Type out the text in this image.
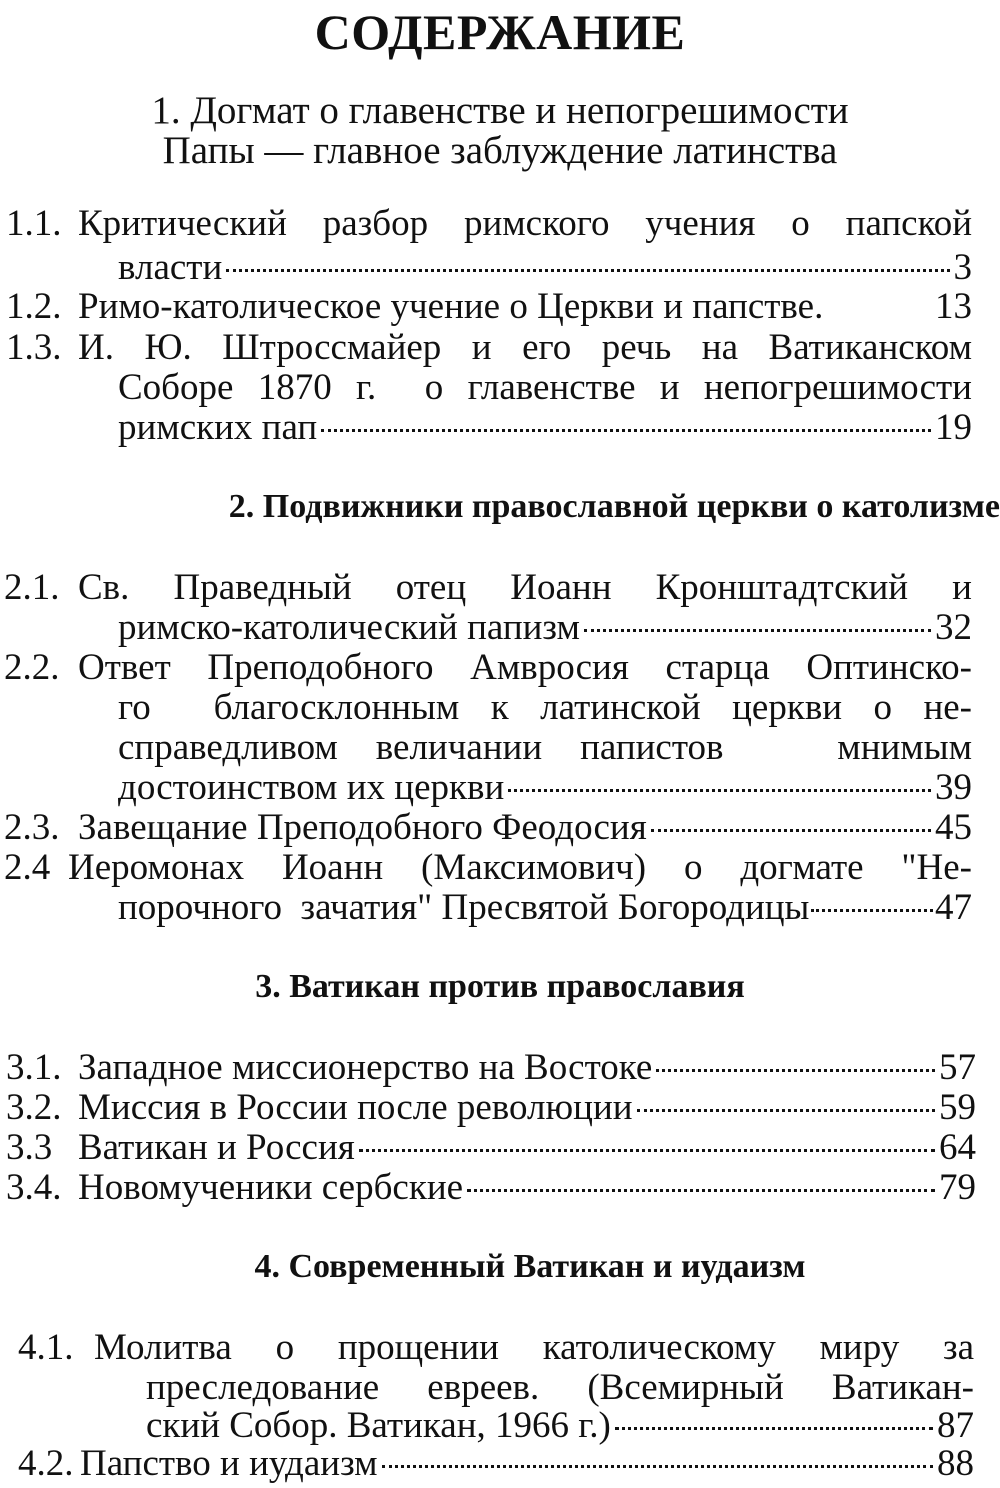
СОДЕРЖАНИЕ
1. Догмат о главенстве и непогрешимости
Папы — главное заблуждение латинства
1.1. Критический разбор римского учения о папской
власти	3
1.2. Римо-католическое учение о Церкви и папстве.	13
1.3. И. Ю. Штроссмайер и его речь на Ватиканском
Соборе 1870 г.  о главенстве и непогрешимости
римских пап	19
2. Подвижники православной церкви о католизме
2.1. Св. Праведный отец Иоанн Кронштадтский и
римско-католический папизм	32
2.2. Ответ Преподобного Амвросия старца Оптинско-
го  благосклонным к латинской церкви о не-
справедливом величании папистов   мнимым
достоинством их церкви	39
2.3. Завещание Преподобного Феодосия	45
2.4 Иеромонах Иоанн (Максимович) о догмате "Не-
порочного  зачатия" Пресвятой Богородицы	47
3. Ватикан против православия
3.1. Западное миссионерство на Востоке	57
3.2. Миссия в России после революции	59
3.3 Ватикан и Россия	64
3.4. Новомученики сербские	79
4. Современный Ватикан и иудаизм
4.1. Молитва о прощении католическому миру за
преследование евреев. (Всемирный Ватикан-
ский Собор. Ватикан, 1966 г.)	87
4.2. Папство и иудаизм	88
